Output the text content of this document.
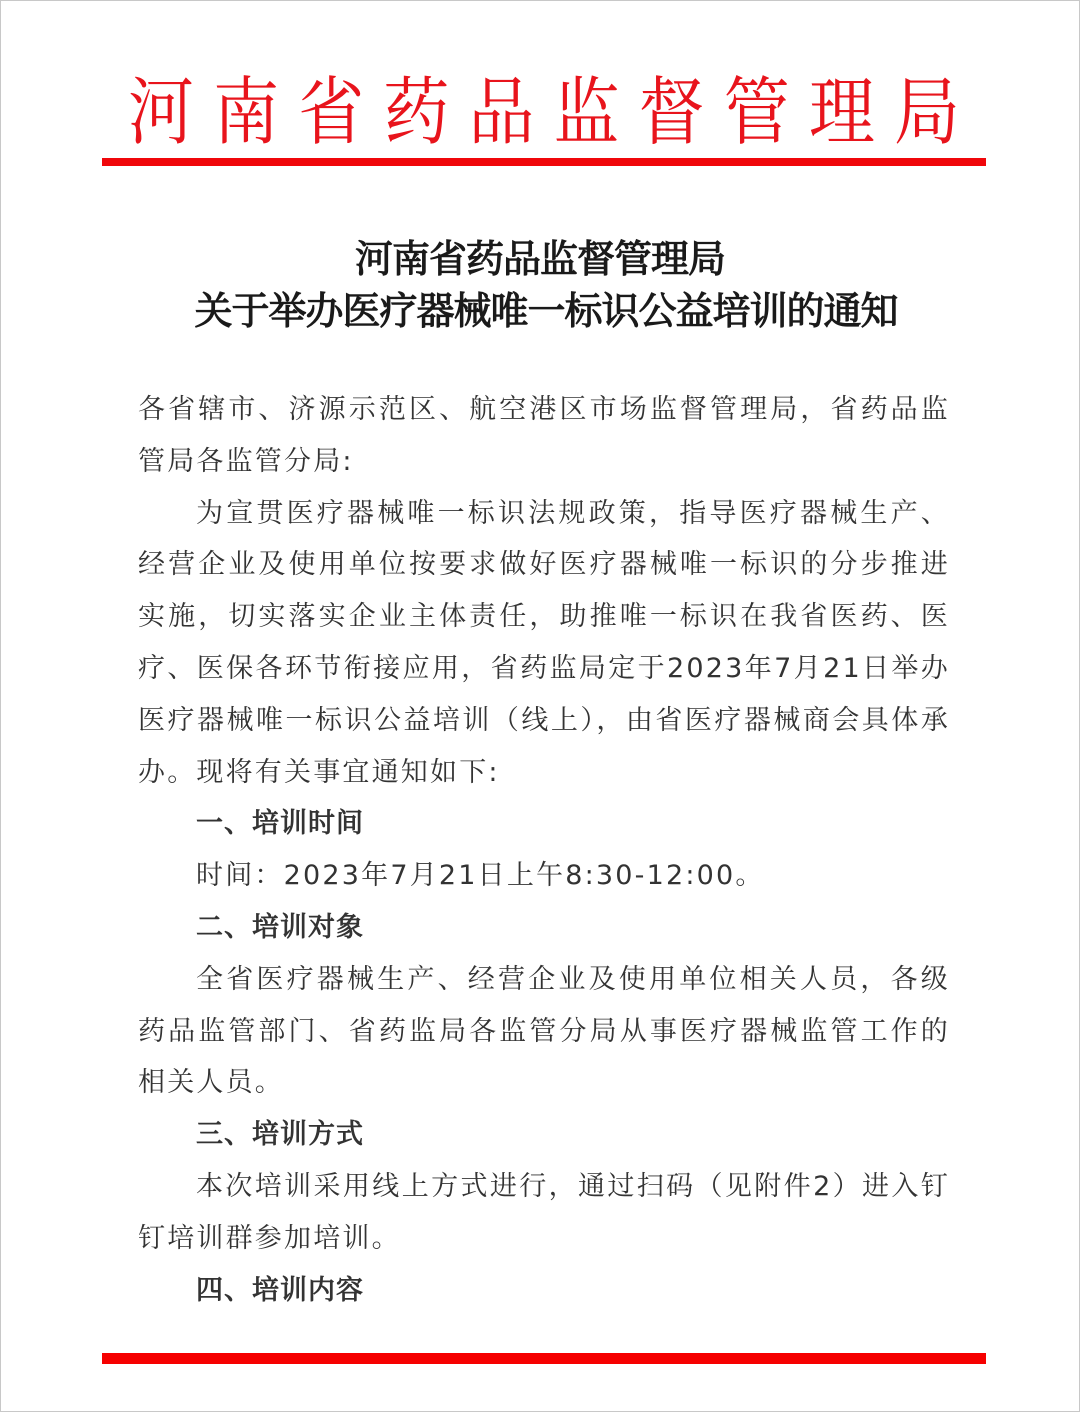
河 南 省 药 品 监 督 管 理 局
河南省药品监督管理局
关于举办医疗器械唯一标识公益培训的通知

各省辖市、济源示范区、航空港区市场监督管理局，省药品监管局各监管分局:

为宣贯医疗器械唯一标识法规政策，指导医疗器械生产、经营企业及使用单位按要求做好医疗器械唯一标识的分步推进实施，切实落实企业主体责任，助推唯一标识在我省医药、医疗、医保各环节衔接应用，省药监局定于2023年7月21日举办医疗器械唯一标识公益培训（线上），由省医疗器械商会具体承办。现将有关事宜通知如下:

一、培训时间

时间：2023年7月21日上午8:30-12:00。

二、培训对象

全省医疗器械生产、经营企业及使用单位相关人员，各级药品监管部门、省药监局各监管分局从事医疗器械监管工作的相关人员。

三、培训方式

本次培训采用线上方式进行，通过扫码（见附件2）进入钉钉培训群参加培训。

四、培训内容
